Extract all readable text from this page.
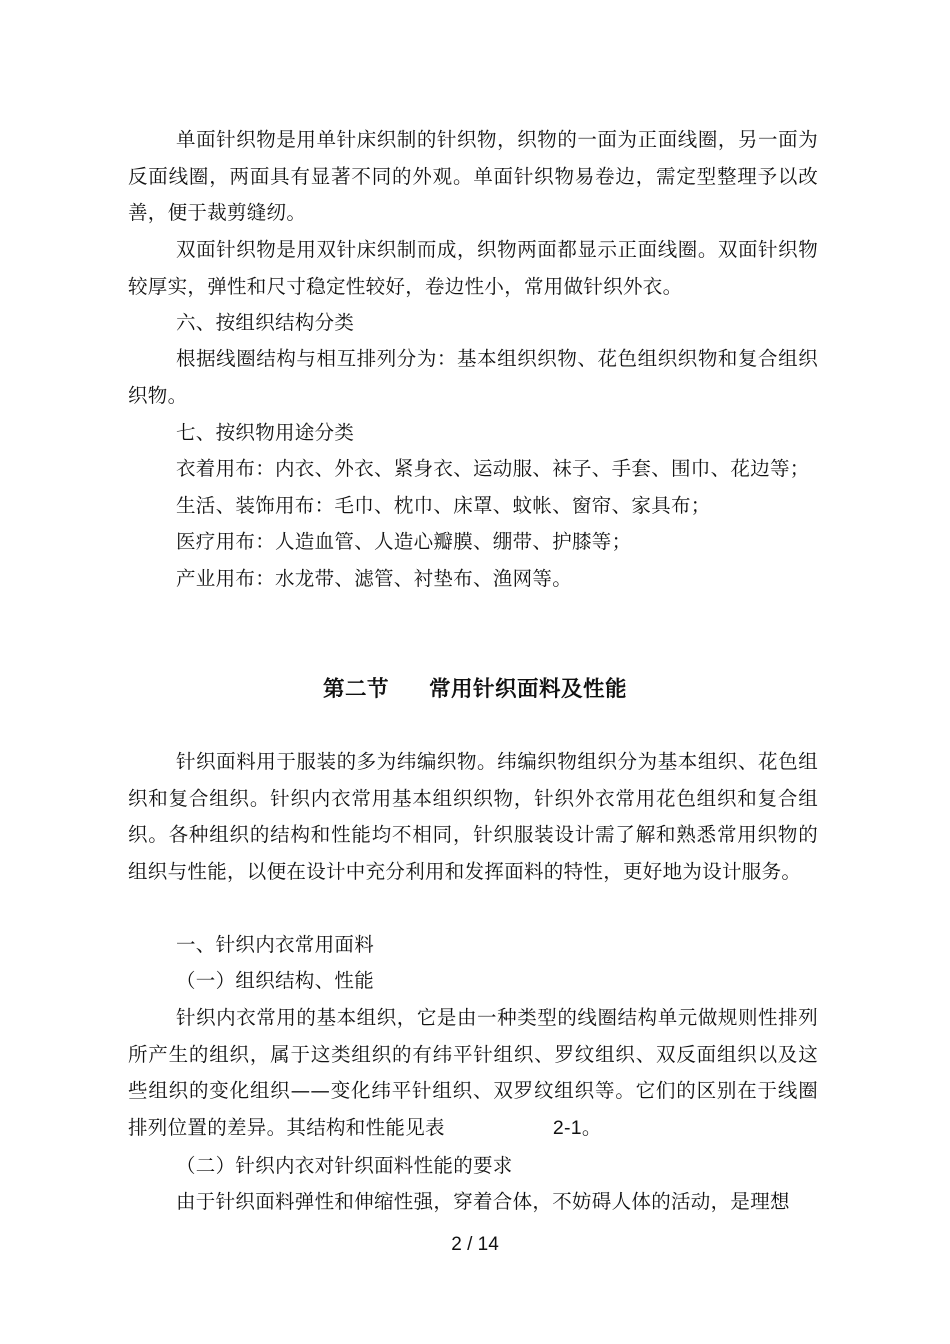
单面针织物是用单针床织制的针织物，织物的一面为正面线圈，另一面为反面线圈，两面具有显著不同的外观。单面针织物易卷边，需定型整理予以改善，便于裁剪缝纫。

双面针织物是用双针床织制而成，织物两面都显示正面线圈。双面针织物较厚实，弹性和尺寸稳定性较好，卷边性小，常用做针织外衣。

六、按组织结构分类

根据线圈结构与相互排列分为：基本组织织物、花色组织织物和复合组织织物。

七、按织物用途分类

衣着用布：内衣、外衣、紧身衣、运动服、袜子、手套、围巾、花边等；

生活、装饰用布：毛巾、枕巾、床罩、蚊帐、窗帘、家具布；

医疗用布：人造血管、人造心瓣膜、绷带、护膝等；

产业用布：水龙带、滤管、衬垫布、渔网等。

第二节 常用针织面料及性能

针织面料用于服装的多为纬编织物。纬编织物组织分为基本组织、花色组织和复合组织。针织内衣常用基本组织织物，针织外衣常用花色组织和复合组织。各种组织的结构和性能均不相同，针织服装设计需了解和熟悉常用织物的组织与性能，以便在设计中充分利用和发挥面料的特性，更好地为设计服务。

一、针织内衣常用面料

（一）组织结构、性能

针织内衣常用的基本组织，它是由一种类型的线圈结构单元做规则性排列所产生的组织，属于这类组织的有纬平针组织、罗纹组织、双反面组织以及这些组织的变化组织——变化纬平针组织、双罗纹组织等。它们的区别在于线圈排列位置的差异。其结构和性能见表	2-1。

（二）针织内衣对针织面料性能的要求

由于针织面料弹性和伸缩性强，穿着合体，不妨碍人体的活动，是理想

2 / 14
